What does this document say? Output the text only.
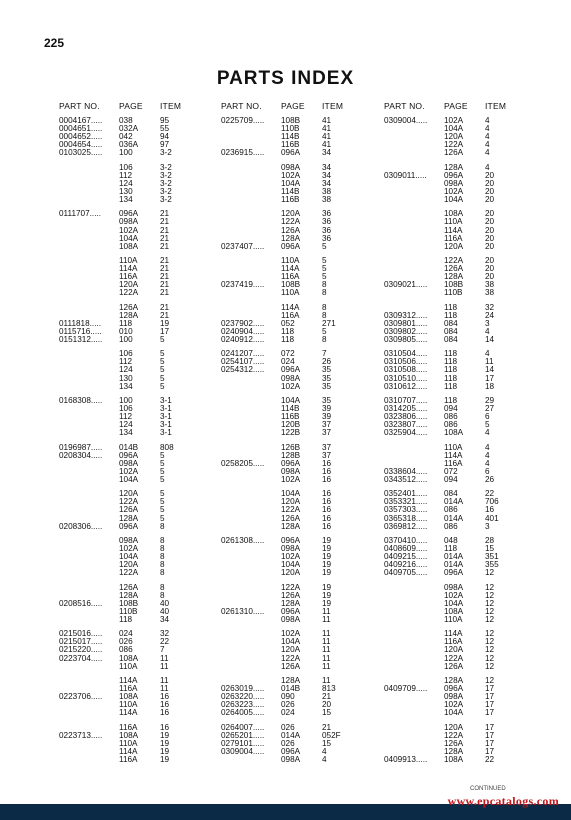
225
PARTS INDEX
PART NO. PAGE ITEM
0004167..... 038	95
0004651..... 032A	55
0004652..... 042	94
0004654..... 036A	97
0103025..... 100	3-2
106	3-2
112	3-2
124	3-2
130	3-2
134	3-2
0111707..... 096A	21
098A	21
102A	21
104A	21
108A	21
110A	21
114A	21
116A	21
120A	21
122A	21
126A	21
128A	21
0111818..... 118	19
0115716..... 010	17
0151312..... 100	5
106	5
112	5
124	5
130	5
134	5
0168308..... 100	3-1
106	3-1
112	3-1
124	3-1
134	3-1
0196987..... 014B	808
0208304..... 096A	5
098A	5
102A	5
104A	5
120A	5
122A	5
126A	5
128A	5
0208306..... 096A	8
098A	8
102A	8
104A	8
120A	8
122A	8
126A	8
128A	8
0208516..... 108B	40
110B	40
118	34
0215016..... 024	32
0215017..... 026	22
0215220..... 086	7
0223704..... 108A	11
110A	11
114A	11
116A	11
0223706..... 108A	16
110A	16
114A	16
116A	16
0223713..... 108A	19
110A	19
114A	19
116A	19
PART NO. PAGE ITEM
0225709..... 108B	41
110B	41
114B	41
116B	41
0236915..... 096A	34
098A	34
102A	34
104A	34
114B	38
116B	38
120A	36
122A	36
126A	36
128A	36
0237407..... 096A	5
110A	5
114A	5
116A	5
0237419..... 108B	8
110A	8
114A	8
116A	8
0237902..... 052	271
0240904..... 118	5
0240912..... 118	8
0241207..... 072	7
0254107..... 024	26
0254312..... 096A	35
098A	35
102A	35
104A	35
114B	39
116B	39
120B	37
122B	37
126B	37
128B	37
0258205..... 096A	16
098A	16
102A	16
104A	16
120A	16
122A	16
126A	16
128A	16
0261308..... 096A	19
098A	19
102A	19
104A	19
120A	19
122A	19
126A	19
128A	19
0261310..... 096A	11
098A	11
102A	11
104A	11
120A	11
122A	11
126A	11
128A	11
0263019..... 014B	813
0263220..... 090	21
0263223..... 026	20
0264005..... 024	15
0264007..... 026	21
0265201..... 014A	052F
0279101..... 026	15
0309004..... 096A	4
098A	4
PART NO. PAGE ITEM
0309004..... 102A	4
104A	4
120A	4
122A	4
126A	4
128A	4
0309011..... 096A	20
098A	20
102A	20
104A	20
108A	20
110A	20
114A	20
116A	20
120A	20
122A	20
126A	20
128A	20
0309021..... 108B	38
110B	38
118	32
0309312..... 118	24
0309801..... 084	3
0309802..... 084	4
0309805..... 084	14
0310504..... 118	4
0310506..... 118	11
0310508..... 118	14
0310510..... 118	17
0310612..... 118	18
0310707..... 118	29
0314205..... 094	27
0323806..... 086	6
0323807..... 086	5
0325904..... 108A	4
110A	4
114A	4
116A	4
0338604..... 072	6
0343512..... 094	26
0352401..... 084	22
0353321..... 014A	706
0357303..... 086	16
0365318..... 014A	401
0369812..... 086	3
0370410..... 048	28
0408609..... 118	15
0409215..... 014A	351
0409216..... 014A	355
0409705..... 096A	12
098A	12
102A	12
104A	12
108A	12
110A	12
114A	12
116A	12
120A	12
122A	12
126A	12
128A	12
0409709..... 096A	17
098A	17
102A	17
104A	17
120A	17
122A	17
126A	17
128A	17
0409913..... 108A	22
CONTINUED
www.epcatalogs.com
